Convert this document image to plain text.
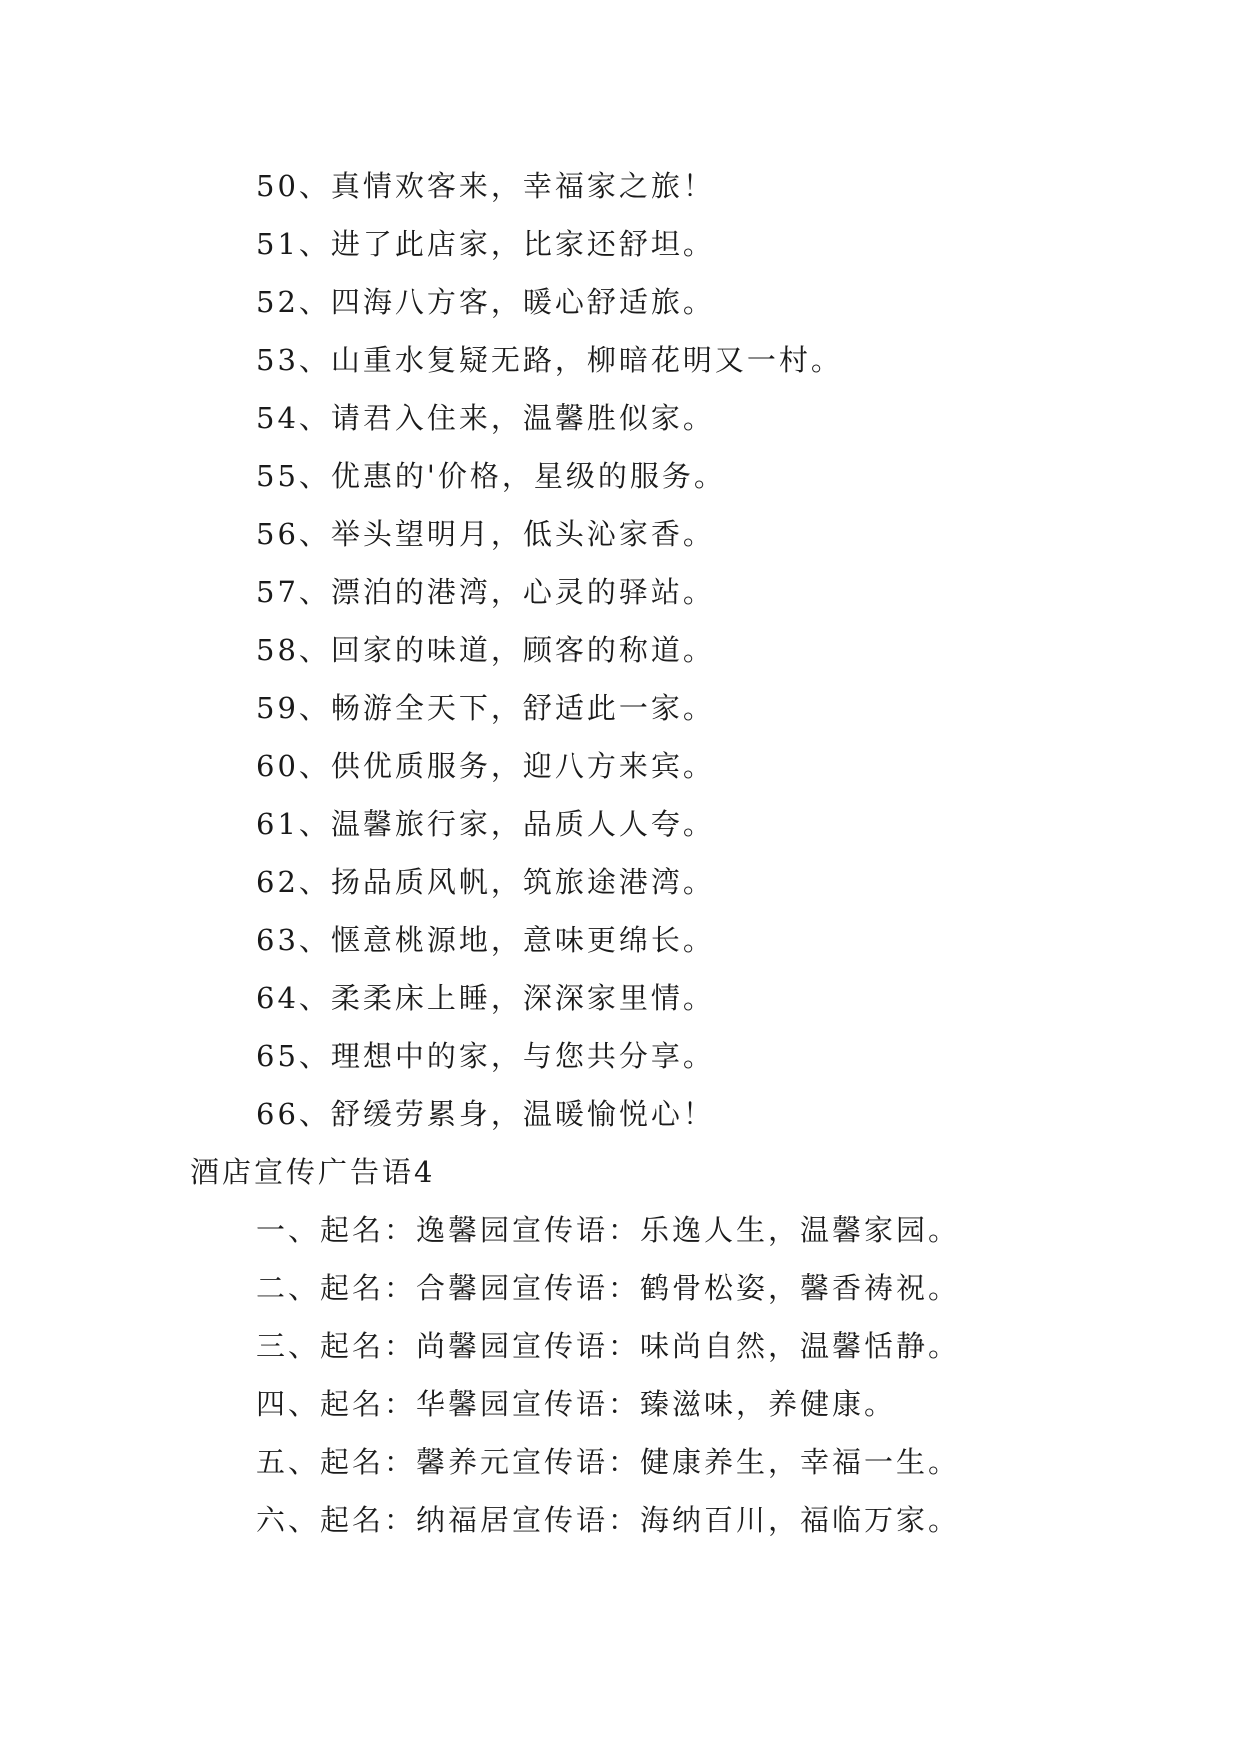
50、真情欢客来，幸福家之旅！
51、进了此店家，比家还舒坦。
52、四海八方客，暖心舒适旅。
53、山重水复疑无路，柳暗花明又一村。
54、请君入住来，温馨胜似家。
55、优惠的'价格，星级的服务。
56、举头望明月，低头沁家香。
57、漂泊的港湾，心灵的驿站。
58、回家的味道，顾客的称道。
59、畅游全天下，舒适此一家。
60、供优质服务，迎八方来宾。
61、温馨旅行家，品质人人夸。
62、扬品质风帆，筑旅途港湾。
63、惬意桃源地，意味更绵长。
64、柔柔床上睡，深深家里情。
65、理想中的家，与您共分享。
66、舒缓劳累身，温暖愉悦心！
酒店宣传广告语4
一、起名：逸馨园宣传语：乐逸人生，温馨家园。
二、起名：合馨园宣传语：鹤骨松姿，馨香祷祝。
三、起名：尚馨园宣传语：味尚自然，温馨恬静。
四、起名：华馨园宣传语：臻滋味，养健康。
五、起名：馨养元宣传语：健康养生，幸福一生。
六、起名：纳福居宣传语：海纳百川，福临万家。
